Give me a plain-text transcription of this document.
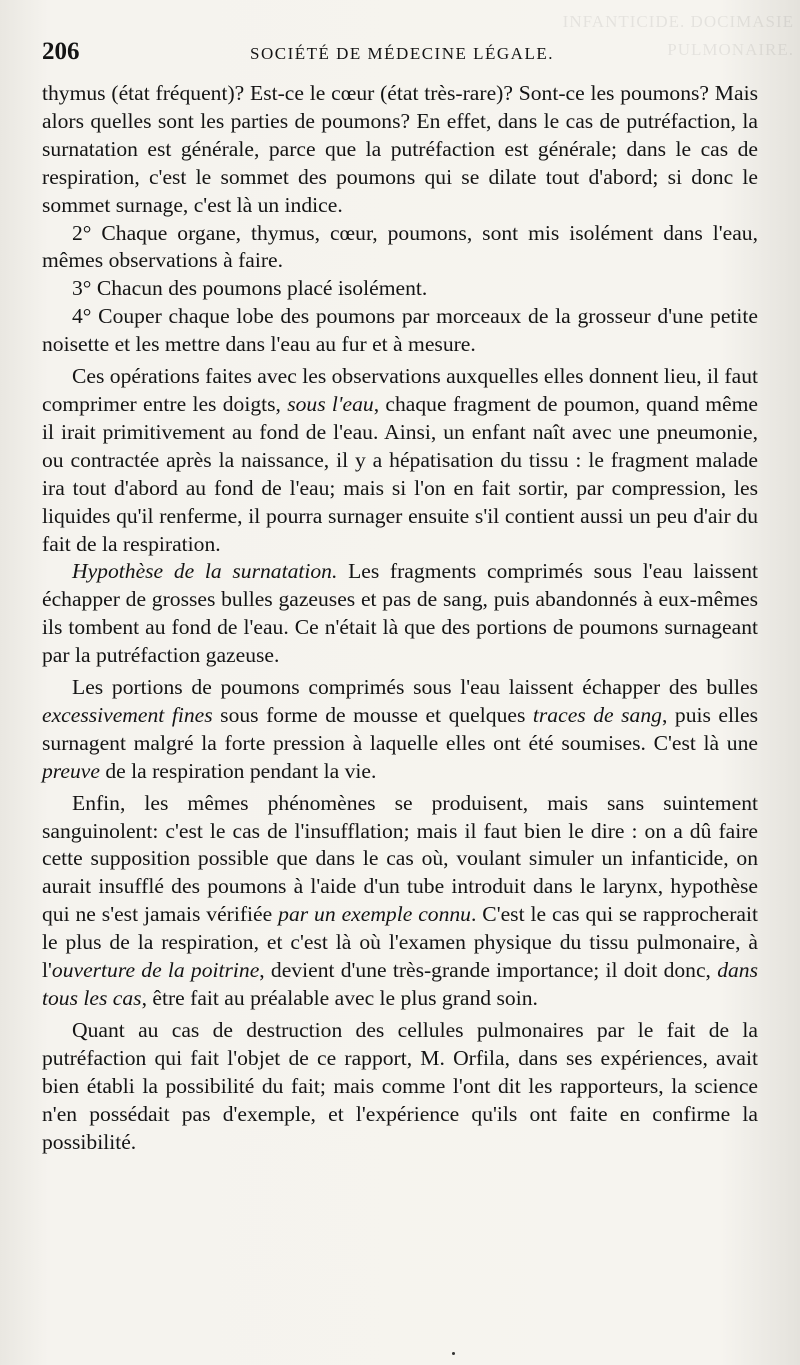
INFANTICIDE. DOCIMASIE PULMONAIRE.
206	SOCIÉTÉ DE MÉDECINE LÉGALE.

thymus (état fréquent)? Est-ce le cœur (état très-rare)? Sont-ce les poumons? Mais alors quelles sont les parties de poumons? En effet, dans le cas de putréfaction, la surnatation est générale, parce que la putréfaction est générale; dans le cas de respiration, c'est le sommet des poumons qui se dilate tout d'abord; si donc le sommet surnage, c'est là un indice.

2° Chaque organe, thymus, cœur, poumons, sont mis isolément dans l'eau, mêmes observations à faire.

3° Chacun des poumons placé isolément.

4° Couper chaque lobe des poumons par morceaux de la grosseur d'une petite noisette et les mettre dans l'eau au fur et à mesure.

Ces opérations faites avec les observations auxquelles elles donnent lieu, il faut comprimer entre les doigts, sous l'eau, chaque fragment de poumon, quand même il irait primitivement au fond de l'eau. Ainsi, un enfant naît avec une pneumonie, ou contractée après la naissance, il y a hépatisation du tissu : le fragment malade ira tout d'abord au fond de l'eau; mais si l'on en fait sortir, par compression, les liquides qu'il renferme, il pourra surnager ensuite s'il contient aussi un peu d'air du fait de la respiration.

Hypothèse de la surnatation. Les fragments comprimés sous l'eau laissent échapper de grosses bulles gazeuses et pas de sang, puis abandonnés à eux-mêmes ils tombent au fond de l'eau. Ce n'était là que des portions de poumons surnageant par la putréfaction gazeuse.

Les portions de poumons comprimés sous l'eau laissent échapper des bulles excessivement fines sous forme de mousse et quelques traces de sang, puis elles surnagent malgré la forte pression à laquelle elles ont été soumises. C'est là une preuve de la respiration pendant la vie.

Enfin, les mêmes phénomènes se produisent, mais sans suintement sanguinolent: c'est le cas de l'insufflation; mais il faut bien le dire : on a dû faire cette supposition possible que dans le cas où, voulant simuler un infanticide, on aurait insufflé des poumons à l'aide d'un tube introduit dans le larynx, hypothèse qui ne s'est jamais vérifiée par un exemple connu. C'est le cas qui se rapprocherait le plus de la respiration, et c'est là où l'examen physique du tissu pulmonaire, à l'ouverture de la poitrine, devient d'une très-grande importance; il doit donc, dans tous les cas, être fait au préalable avec le plus grand soin.

Quant au cas de destruction des cellules pulmonaires par le fait de la putréfaction qui fait l'objet de ce rapport, M. Orfila, dans ses expériences, avait bien établi la possibilité du fait; mais comme l'ont dit les rapporteurs, la science n'en possédait pas d'exemple, et l'expérience qu'ils ont faite en confirme la possibilité.
